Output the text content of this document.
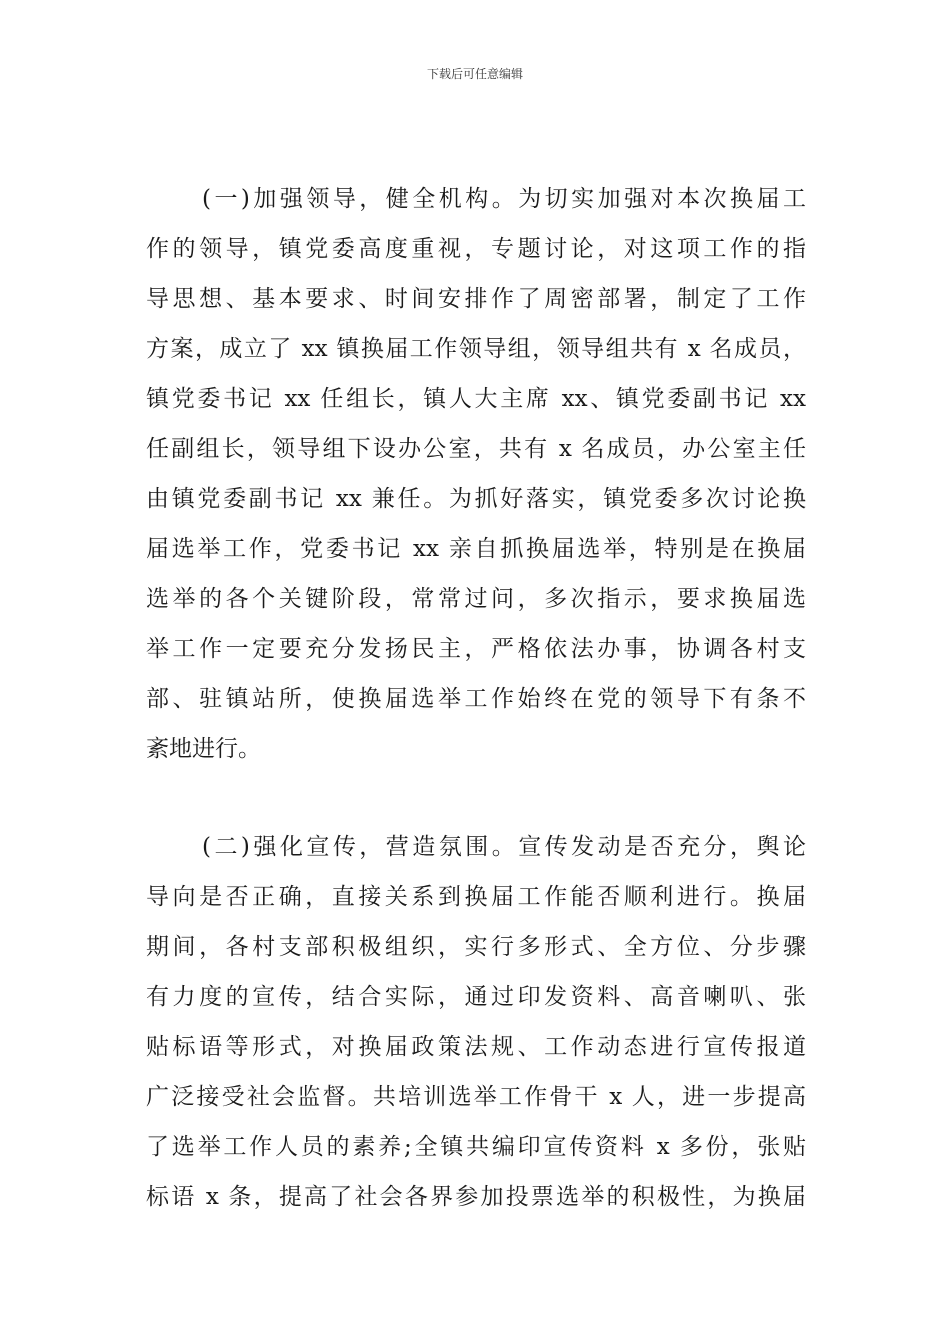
下载后可任意编辑
(一)加强领导，健全机构。为切实加强对本次换届工
作的领导，镇党委高度重视，专题讨论，对这项工作的指
导思想、基本要求、时间安排作了周密部署，制定了工作
方案，成立了 xx 镇换届工作领导组，领导组共有 x 名成员，
镇党委书记 xx 任组长，镇人大主席 xx、镇党委副书记 xx
任副组长，领导组下设办公室，共有 x 名成员，办公室主任
由镇党委副书记 xx 兼任。为抓好落实，镇党委多次讨论换
届选举工作，党委书记 xx 亲自抓换届选举，特别是在换届
选举的各个关键阶段，常常过问，多次指示，要求换届选
举工作一定要充分发扬民主，严格依法办事，协调各村支
部、驻镇站所，使换届选举工作始终在党的领导下有条不
紊地进行。
(二)强化宣传，营造氛围。宣传发动是否充分，舆论
导向是否正确，直接关系到换届工作能否顺利进行。换届
期间，各村支部积极组织，实行多形式、全方位、分步骤
有力度的宣传，结合实际，通过印发资料、高音喇叭、张
贴标语等形式，对换届政策法规、工作动态进行宣传报道
广泛接受社会监督。共培训选举工作骨干 x 人，进一步提高
了选举工作人员的素养;全镇共编印宣传资料 x 多份，张贴
标语 x 条，提高了社会各界参加投票选举的积极性，为换届
